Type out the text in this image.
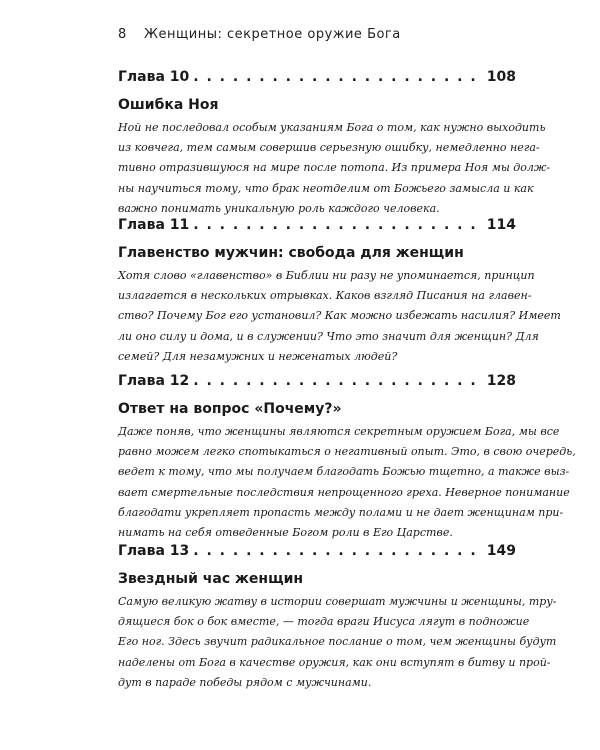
8 Женщины: секретное оружие Бога
Глава 10 . . .	108
Ошибка Ноя
Ной не последовал особым указаниям Бога о том, как нужно выходить
из ковчега, тем самым совершив серьезную ошибку, немедленно нега-
тивно отразившуюся на мире после потопа. Из примера Ноя мы долж-
ны научиться тому, что брак неотделим от Божьего замысла и как
важно понимать уникальную роль каждого человека.
Глава 11 . . .	114
Главенство мужчин: свобода для женщин
Хотя слово «главенство» в Библии ни разу не упоминается, принцип
излагается в нескольких отрывках. Каков взгляд Писания на главен-
ство? Почему Бог его установил? Как можно избежать насилия? Имеет
ли оно силу и дома, и в служении? Что это значит для женщин? Для
семей? Для незамужних и неженатых людей?
Глава 12 . . .	128
Ответ на вопрос «Почему?»
Даже поняв, что женщины являются секретным оружием Бога, мы все
равно можем легко спотыкаться о негативный опыт. Это, в свою очередь,
ведет к тому, что мы получаем благодать Божью тщетно, а также выз-
вает смертельные последствия непрощенного греха. Неверное понимание
благодати укрепляет пропасть между полами и не дает женщинам при-
нимать на себя отведенные Богом роли в Его Царстве.
Глава 13 . . .	149
Звездный час женщин
Самую великую жатву в истории совершат мужчины и женщины, тру-
дящиеся бок о бок вместе, — тогда враги Иисуса лягут в подножие
Его ног. Здесь звучит радикальное послание о том, чем женщины будут
наделены от Бога в качестве оружия, как они вступят в битву и прой-
дут в параде победы рядом с мужчинами.
